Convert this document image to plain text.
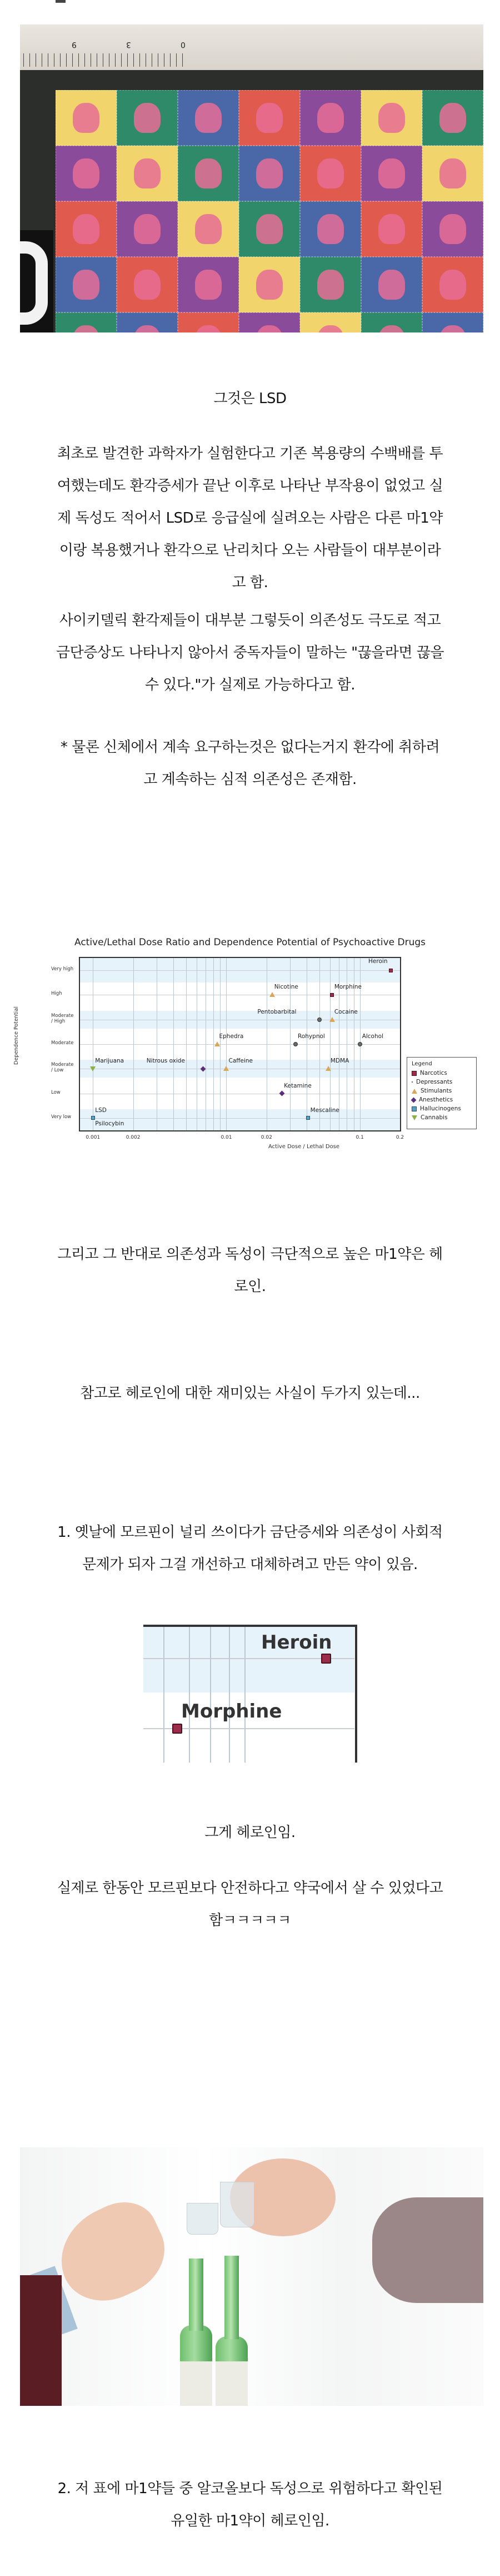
9	3	0
그것은 LSD
최초로 발견한 과학자가 실험한다고 기존 복용량의 수백배를 투
여했는데도 환각증세가 끝난 이후로 나타난 부작용이 없었고 실
제 독성도 적어서 LSD로 응급실에 실려오는 사람은 다른 마1약
이랑 복용했거나 환각으로 난리치다 오는 사람들이 대부분이라
고 함.
사이키델릭 환각제들이 대부분 그렇듯이 의존성도 극도로 적고
금단증상도 나타나지 않아서 중독자들이 말하는 "끊을라면 끊을
수 있다."가 실제로 가능하다고 함.
* 물론 신체에서 계속 요구하는것은 없다는거지 환각에 취하려
고 계속하는 심적 의존성은 존재함.
Active/Lethal Dose Ratio and Dependence Potential of Psychoactive Drugs
Dependence Potential
Very low
Low
Moderate
/ Low
Moderate
Moderate
/ High
High
Very high
Heroin
Nicotine	Morphine
Pentobarbital	Cocaine
Ephedra	Rohypnol	Alcohol
Marijuana	Nitrous oxide	Caffeine	MDMA
Ketamine
LSD
Psilocybin
Mescaline
0.001	0.002	0.01	0.02	0.1	0.2
Active Dose / Lethal Dose
Legend
Narcotics
Depressants
Stimulants
Anesthetics
Hallucinogens
Cannabis
그리고 그 반대로 의존성과 독성이 극단적으로 높은 마1약은 헤
로인.
참고로 헤로인에 대한 재미있는 사실이 두가지 있는데...
1. 옛날에 모르핀이 널리 쓰이다가 금단증세와 의존성이 사회적
문제가 되자 그걸 개선하고 대체하려고 만든 약이 있음.
Heroin
Morphine
그게 헤로인임.
실제로 한동안 모르핀보다 안전하다고 약국에서 살 수 있었다고
함ㅋㅋㅋㅋㅋ
2. 저 표에 마1약들 중 알코올보다 독성으로 위험하다고 확인된
유일한 마1약이 헤로인임.
